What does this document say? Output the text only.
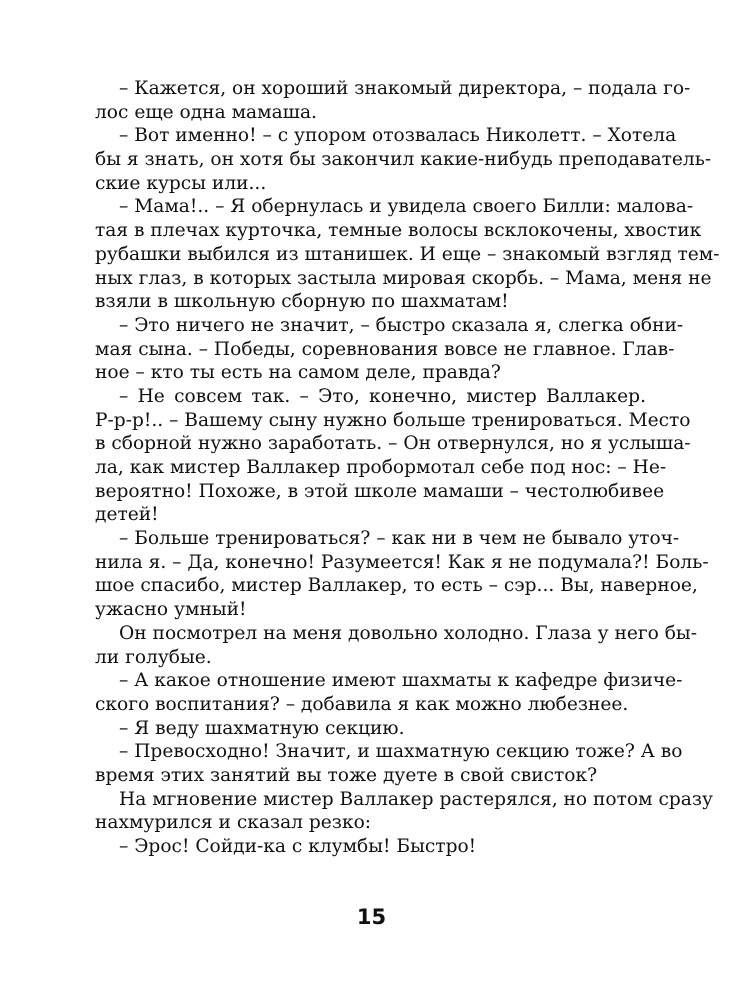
– Кажется, он хороший знакомый директора, – подала го-
лос еще одна мамаша.
– Вот именно! – с упором отозвалась Николетт. – Хотела
бы я знать, он хотя бы закончил какие-нибудь преподаватель-
ские курсы или...
– Мама!.. – Я обернулась и увидела своего Билли: малова-
тая в плечах курточка, темные волосы всклокочены, хвостик
рубашки выбился из штанишек. И еще – знакомый взгляд тем-
ных глаз, в которых застыла мировая скорбь. – Мама, меня не
взяли в школьную сборную по шахматам!
– Это ничего не значит, – быстро сказала я, слегка обни-
мая сына. – Победы, соревнования вовсе не главное. Глав-
ное – кто ты есть на самом деле, правда?
– Не совсем так. – Это, конечно, мистер Валлакер.
Р-р-р!.. – Вашему сыну нужно больше тренироваться. Место
в сборной нужно заработать. – Он отвернулся, но я услыша-
ла, как мистер Валлакер пробормотал себе под нос: – Не-
вероятно! Похоже, в этой школе мамаши – честолюбивее
детей!
– Больше тренироваться? – как ни в чем не бывало уточ-
нила я. – Да, конечно! Разумеется! Как я не подумала?! Боль-
шое спасибо, мистер Валлакер, то есть – сэр... Вы, наверное,
ужасно умный!
Он посмотрел на меня довольно холодно. Глаза у него бы-
ли голубые.
– А какое отношение имеют шахматы к кафедре физиче-
ского воспитания? – добавила я как можно любезнее.
– Я веду шахматную секцию.
– Превосходно! Значит, и шахматную секцию тоже? А во
время этих занятий вы тоже дуете в свой свисток?
На мгновение мистер Валлакер растерялся, но потом сразу
нахмурился и сказал резко:
– Эрос! Сойди-ка с клумбы! Быстро!
15
